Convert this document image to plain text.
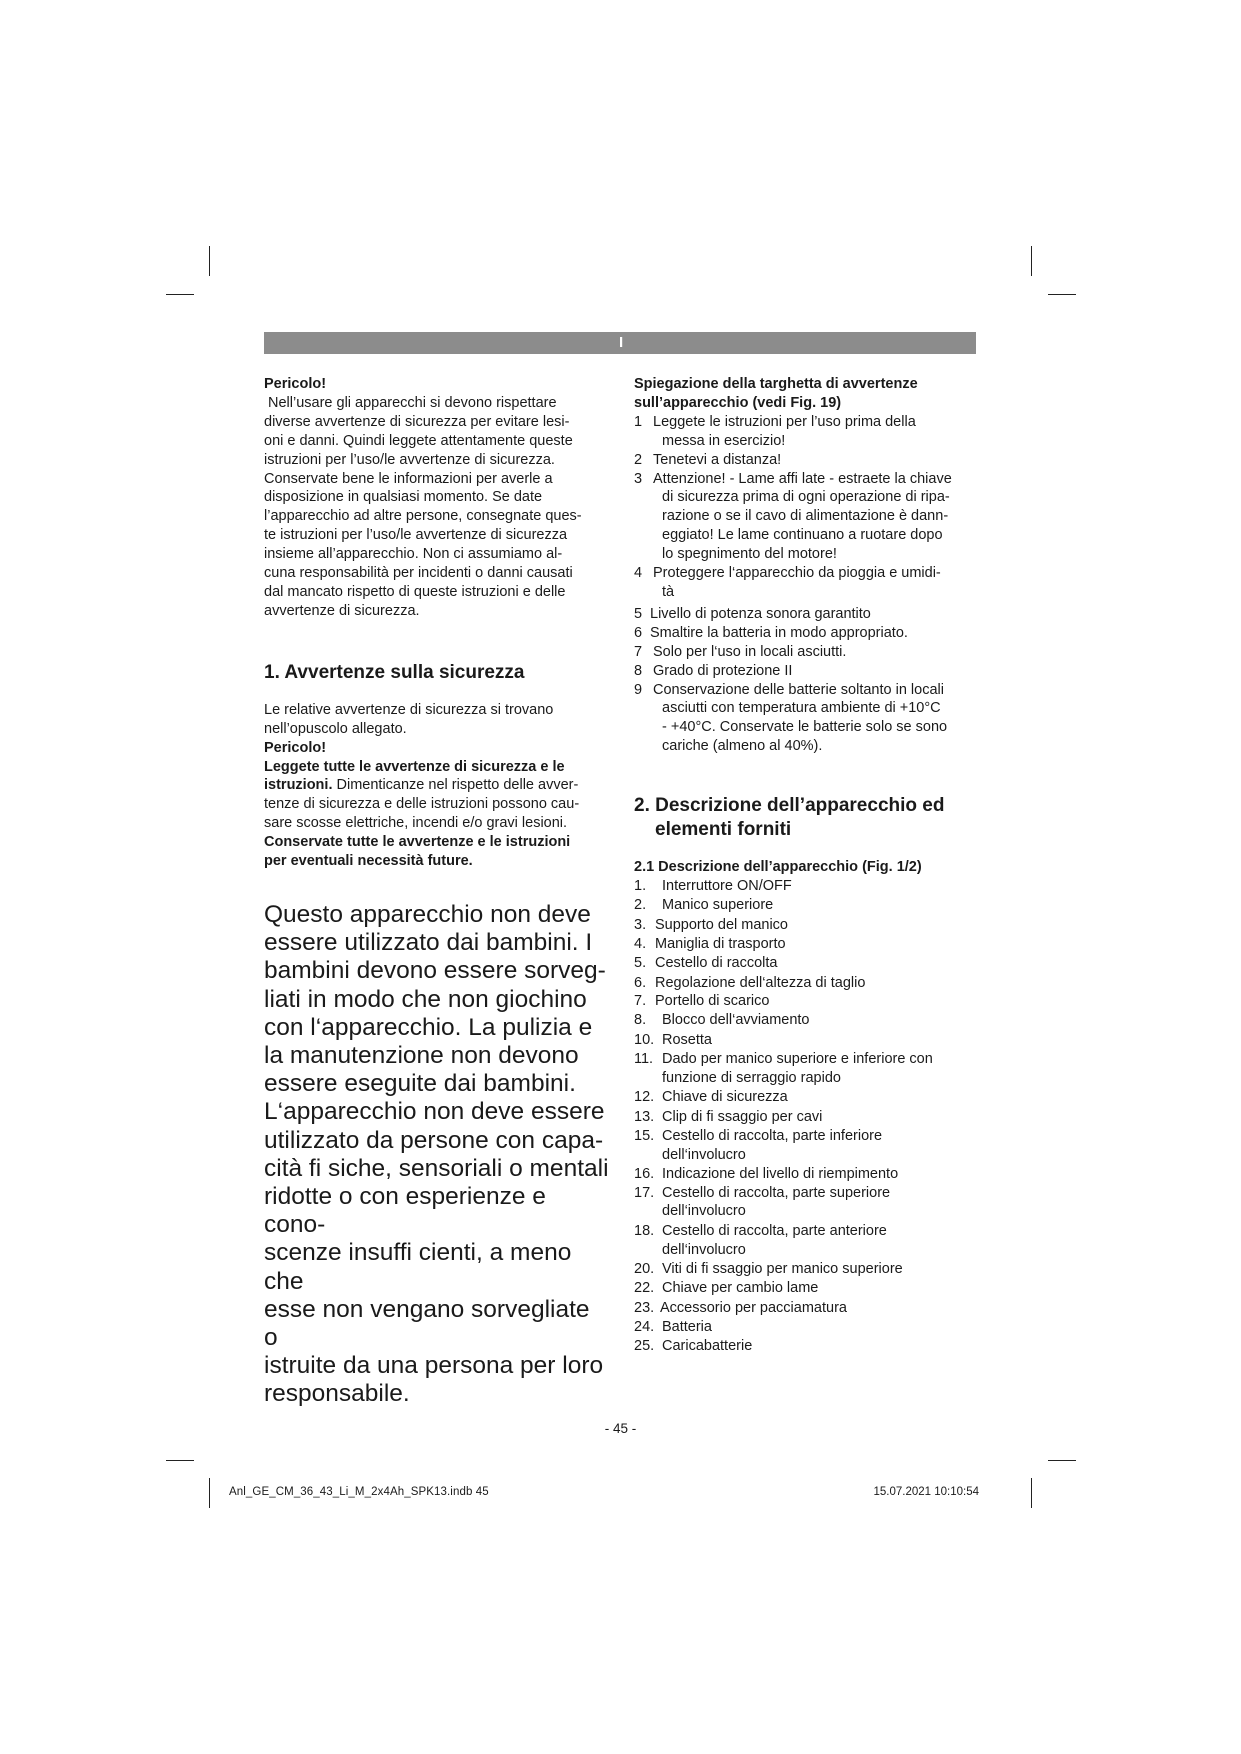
I

Pericolo!

Nell’usare gli apparecchi si devono rispettare

diverse avvertenze di sicurezza per evitare lesi-

oni e danni. Quindi leggete attentamente queste

istruzioni per l’uso/le avvertenze di sicurezza.

Conservate bene le informazioni per averle a

disposizione in qualsiasi momento. Se date

l’apparecchio ad altre persone, consegnate ques-

te istruzioni per l’uso/le avvertenze di sicurezza

insieme all’apparecchio. Non ci assumiamo al-

cuna responsabilità per incidenti o danni causati

dal mancato rispetto di queste istruzioni e delle

avvertenze di sicurezza.

1. Avvertenze sulla sicurezza

Le relative avvertenze di sicurezza si trovano

nell’opuscolo allegato.

Pericolo!

Leggete tutte le avvertenze di sicurezza e le

istruzioni. Dimenticanze nel rispetto delle avver-

tenze di sicurezza e delle istruzioni possono cau-

sare scosse elettriche, incendi e/o gravi lesioni.

Conservate tutte le avvertenze e le istruzioni

per eventuali necessità future.

Questo apparecchio non deve

essere utilizzato dai bambini. I

bambini devono essere sorveg-

liati in modo che non giochino

con l‘apparecchio. La pulizia e

la manutenzione non devono

essere eseguite dai bambini.

L‘apparecchio non deve essere

utilizzato da persone con capa-

cità fi siche, sensoriali o mentali

ridotte o con esperienze e cono-

scenze insuffi cienti, a meno che

esse non vengano sorvegliate o

istruite da una persona per loro

responsabile.

Spiegazione della targhetta di avvertenze

sull’apparecchio (vedi Fig. 19)

1 Leggete le istruzioni per l’uso prima della
messa in esercizio!
2 Tenetevi a distanza!
3 Attenzione! - Lame affi late - estraete la chiave
di sicurezza prima di ogni operazione di ripa-
razione o se il cavo di alimentazione è dann-
eggiato! Le lame continuano a ruotare dopo
lo spegnimento del motore!
4 Proteggere l‘apparecchio da pioggia e umidi-
tà
5 Livello di potenza sonora garantito
6 Smaltire la batteria in modo appropriato.
7 Solo per l‘uso in locali asciutti.
8 Grado di protezione II
9 Conservazione delle batterie soltanto in locali
asciutti con temperatura ambiente di +10°C
- +40°C. Conservate le batterie solo se sono
cariche (almeno al 40%).

2. Descrizione dell’apparecchio ed

elementi forniti

2.1 Descrizione dell’apparecchio (Fig. 1/2)

1.	Interruttore ON/OFF
2.	Manico superiore
3. Supporto del manico
4. Maniglia di trasporto
5. Cestello di raccolta
6. Regolazione dell‘altezza di taglio
7. Portello di scarico
8.	Blocco dell‘avviamento
10. Rosetta
11. Dado per manico superiore e inferiore con
funzione di serraggio rapido
12. Chiave di sicurezza
13. Clip di fi ssaggio per cavi
15. Cestello di raccolta, parte inferiore
dell‘involucro
16. Indicazione del livello di riempimento
17. Cestello di raccolta, parte superiore
dell‘involucro
18. Cestello di raccolta, parte anteriore
dell‘involucro
20. Viti di fi ssaggio per manico superiore
22. Chiave per cambio lame
23. Accessorio per pacciamatura
24. Batteria
25. Caricabatterie
- 45 -
Anl_GE_CM_36_43_Li_M_2x4Ah_SPK13.indb 45	15.07.2021 10:10:54
